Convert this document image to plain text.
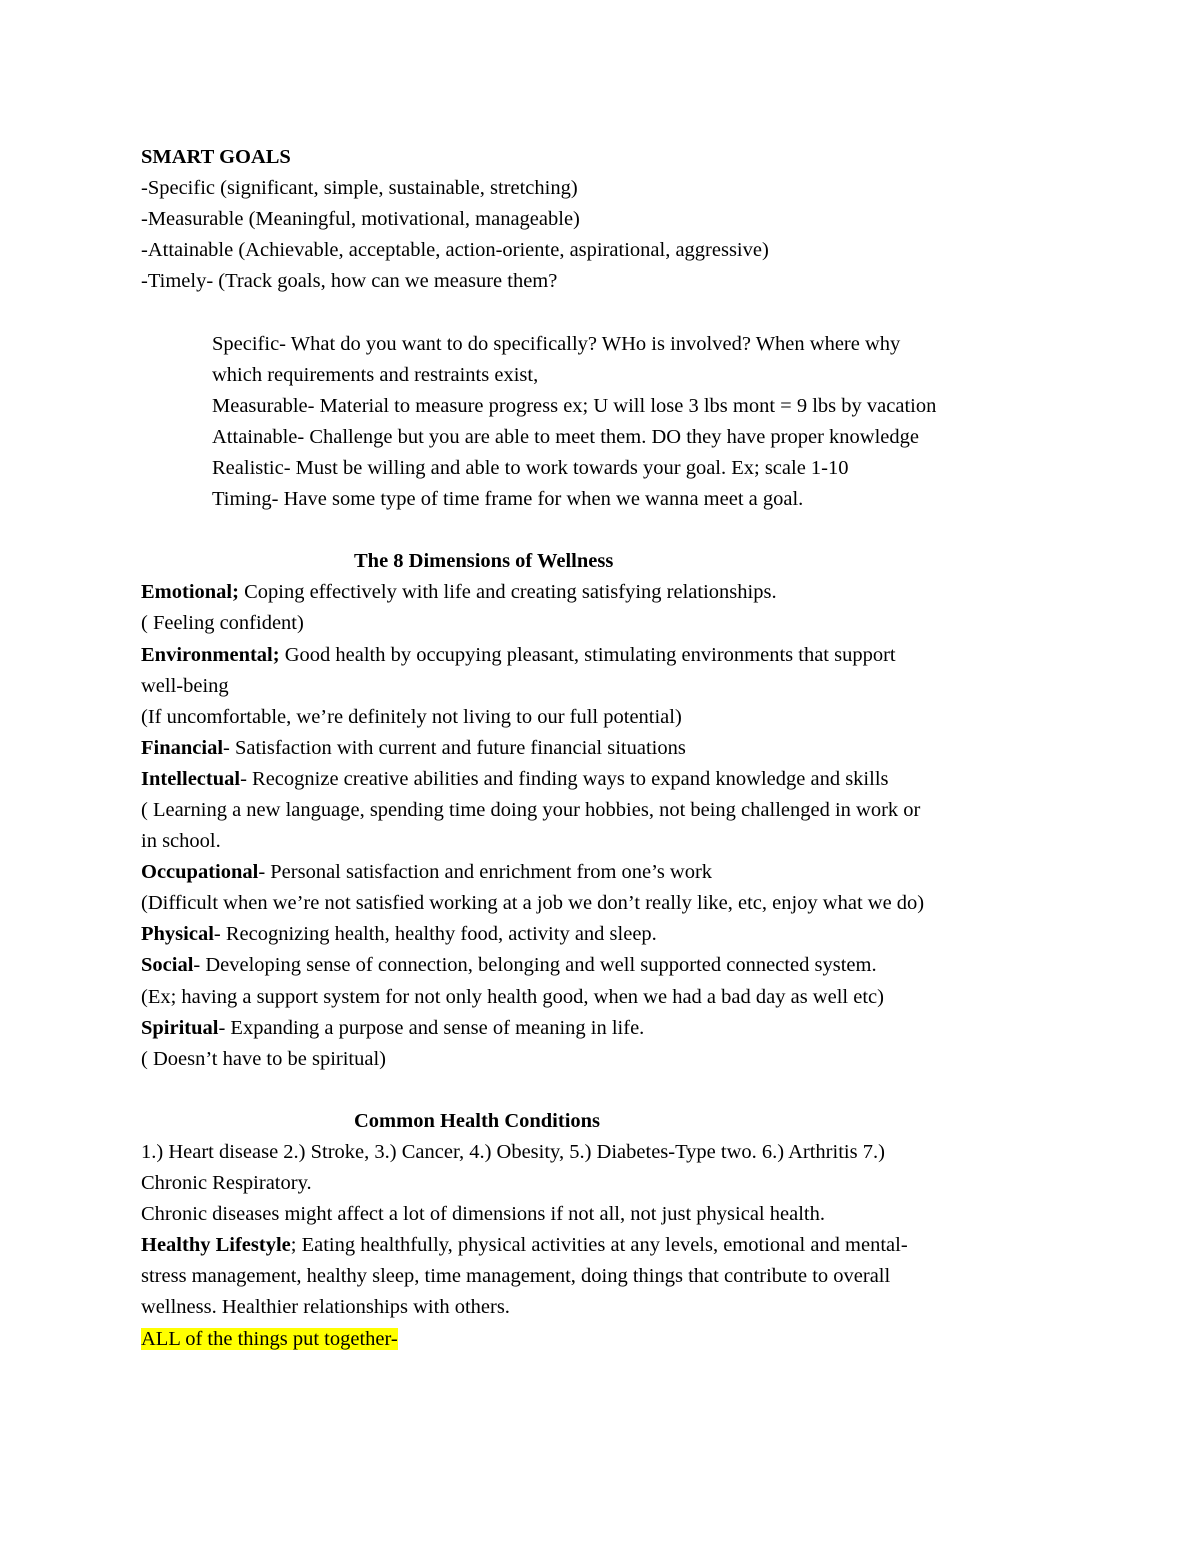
SMART GOALS
-Specific (significant, simple, sustainable, stretching)
-Measurable (Meaningful, motivational, manageable)
-Attainable (Achievable, acceptable, action-oriente, aspirational, aggressive)
-Timely- (Track goals, how can we measure them?
Specific- What do you want to do specifically? WHo is involved? When where why
which requirements and restraints exist,
Measurable- Material to measure progress ex; U will lose 3 lbs mont = 9 lbs by vacation
Attainable- Challenge but you are able to meet them. DO they have proper knowledge
Realistic- Must be willing and able to work towards your goal. Ex; scale 1-10
Timing- Have some type of time frame for when we wanna meet a goal.
The 8 Dimensions of Wellness
Emotional; Coping effectively with life and creating satisfying relationships.
( Feeling confident)
Environmental; Good health by occupying pleasant, stimulating environments that support
well-being
(If uncomfortable, we’re definitely not living to our full potential)
Financial- Satisfaction with current and future financial situations
Intellectual- Recognize creative abilities and finding ways to expand knowledge and skills
( Learning a new language, spending time doing your hobbies, not being challenged in work or
in school.
Occupational- Personal satisfaction and enrichment from one’s work
(Difficult when we’re not satisfied working at a job we don’t really like, etc, enjoy what we do)
Physical- Recognizing health, healthy food, activity and sleep.
Social- Developing sense of connection, belonging and well supported connected system.
(Ex; having a support system for not only health good, when we had a bad day as well etc)
Spiritual- Expanding a purpose and sense of meaning in life.
( Doesn’t have to be spiritual)
Common Health Conditions
1.) Heart disease 2.) Stroke, 3.) Cancer, 4.) Obesity, 5.) Diabetes-Type two. 6.) Arthritis 7.)
Chronic Respiratory.
Chronic diseases might affect a lot of dimensions if not all, not just physical health.
Healthy Lifestyle; Eating healthfully, physical activities at any levels, emotional and mental-
stress management, healthy sleep, time management, doing things that contribute to overall
wellness. Healthier relationships with others.
ALL of the things put together-
